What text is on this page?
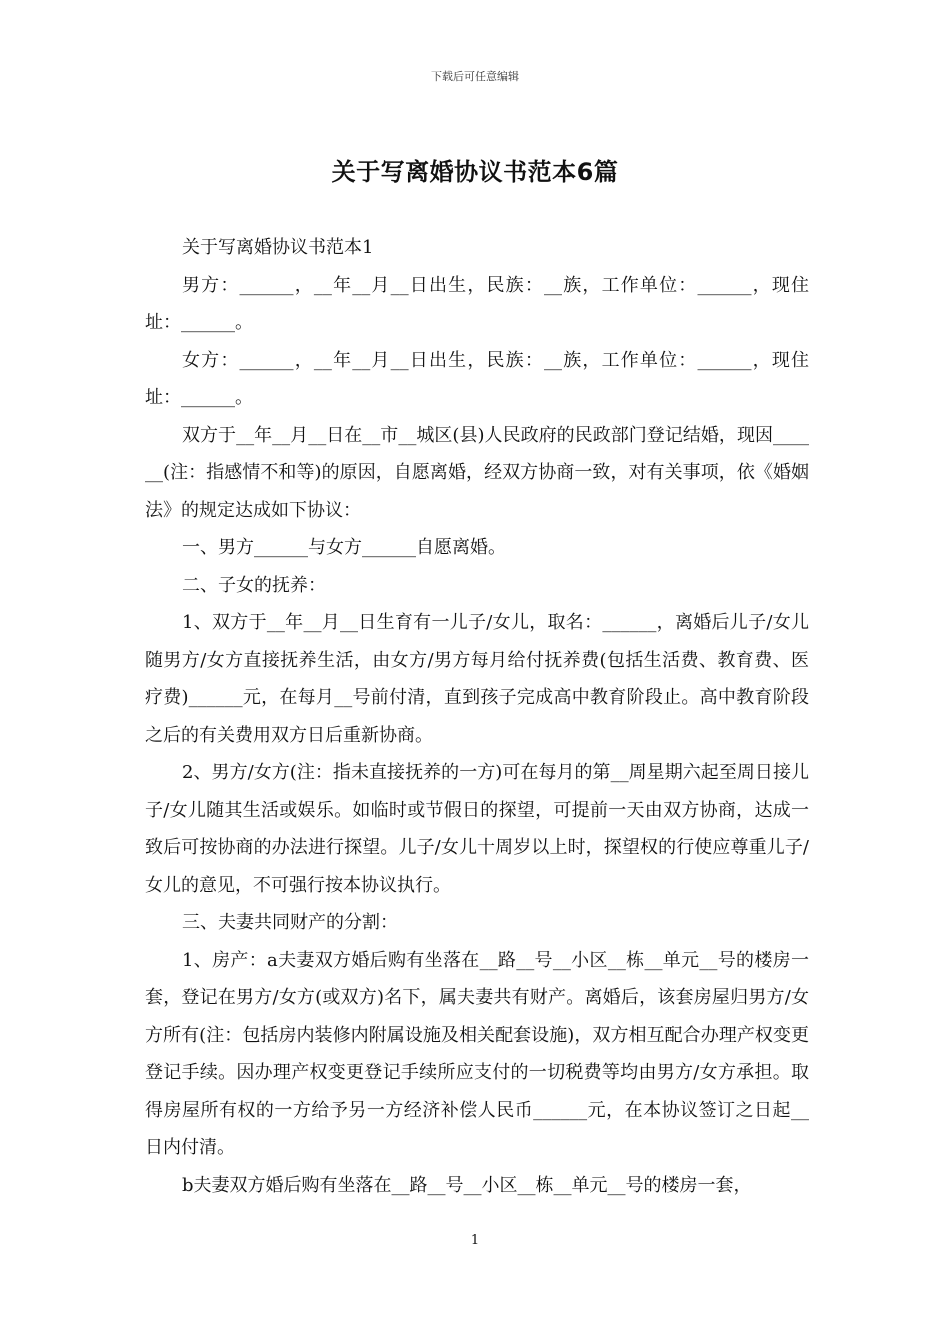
下载后可任意编辑
关于写离婚协议书范本6篇

关于写离婚协议书范本1

男方：______，__年__月__日出生，民族：__族，工作单位：______，现住址：______。

女方：______，__年__月__日出生，民族：__族，工作单位：______，现住址：______。

双方于__年__月__日在__市__城区(县)人民政府的民政部门登记结婚，现因______(注：指感情不和等)的原因，自愿离婚，经双方协商一致，对有关事项，依《婚姻法》的规定达成如下协议：

一、男方______与女方______自愿离婚。

二、子女的抚养：

1、双方于__年__月__日生育有一儿子/女儿，取名：______，离婚后儿子/女儿随男方/女方直接抚养生活，由女方/男方每月给付抚养费(包括生活费、教育费、医疗费)______元，在每月__号前付清，直到孩子完成高中教育阶段止。高中教育阶段之后的有关费用双方日后重新协商。

2、男方/女方(注：指未直接抚养的一方)可在每月的第__周星期六起至周日接儿子/女儿随其生活或娱乐。如临时或节假日的探望，可提前一天由双方协商，达成一致后可按协商的办法进行探望。儿子/女儿十周岁以上时，探望权的行使应尊重儿子/女儿的意见，不可强行按本协议执行。

三、夫妻共同财产的分割：

1、房产：a夫妻双方婚后购有坐落在__路__号__小区__栋__单元__号的楼房一套，登记在男方/女方(或双方)名下，属夫妻共有财产。离婚后，该套房屋归男方/女方所有(注：包括房内装修内附属设施及相关配套设施)，双方相互配合办理产权变更登记手续。因办理产权变更登记手续所应支付的一切税费等均由男方/女方承担。取得房屋所有权的一方给予另一方经济补偿人民币______元，在本协议签订之日起__日内付清。

b夫妻双方婚后购有坐落在__路__号__小区__栋__单元__号的楼房一套，

1
